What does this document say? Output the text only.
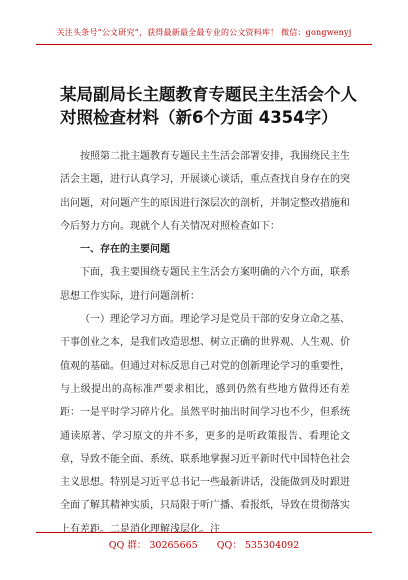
关注头条号“公文研究”，获得最新最全最专业的公文资料库！ 微信：gongwenyj
某局副局长主题教育专题民主生活会个人对照检查材料（新6个方面 4354字）

按照第二批主题教育专题民主生活会部署安排，我围绕民主生活会主题，进行认真学习，开展谈心谈话，重点查找自身存在的突出问题，对问题产生的原因进行深层次的剖析，并制定整改措施和今后努力方向。现就个人有关情况对照检查如下：

一、存在的主要问题

下面，我主要围绕专题民主生活会方案明确的六个方面，联系思想工作实际，进行问题剖析：

（一）理论学习方面。理论学习是党员干部的安身立命之基、干事创业之本，是我们改造思想、树立正确的世界观、人生观、价值观的基础。但通过对标反思自己对党的创新理论学习的重要性，与上级提出的高标准严要求相比，感到仍然有些地方做得还有差距：一是平时学习碎片化。虽然平时抽出时间学习也不少，但系统通读原著、学习原文的并不多，更多的是听政策报告、看理论文章，导致不能全面、系统、联系地掌握习近平新时代中国特色社会主义思想。特别是习近平总书记一些最新讲话，没能做到及时跟进全面了解其精神实质，只局限于听广播、看报纸，导致在贯彻落实上有差距。二是消化理解浅层化。注

QQ 群： 30265665 QQ： 535304092
